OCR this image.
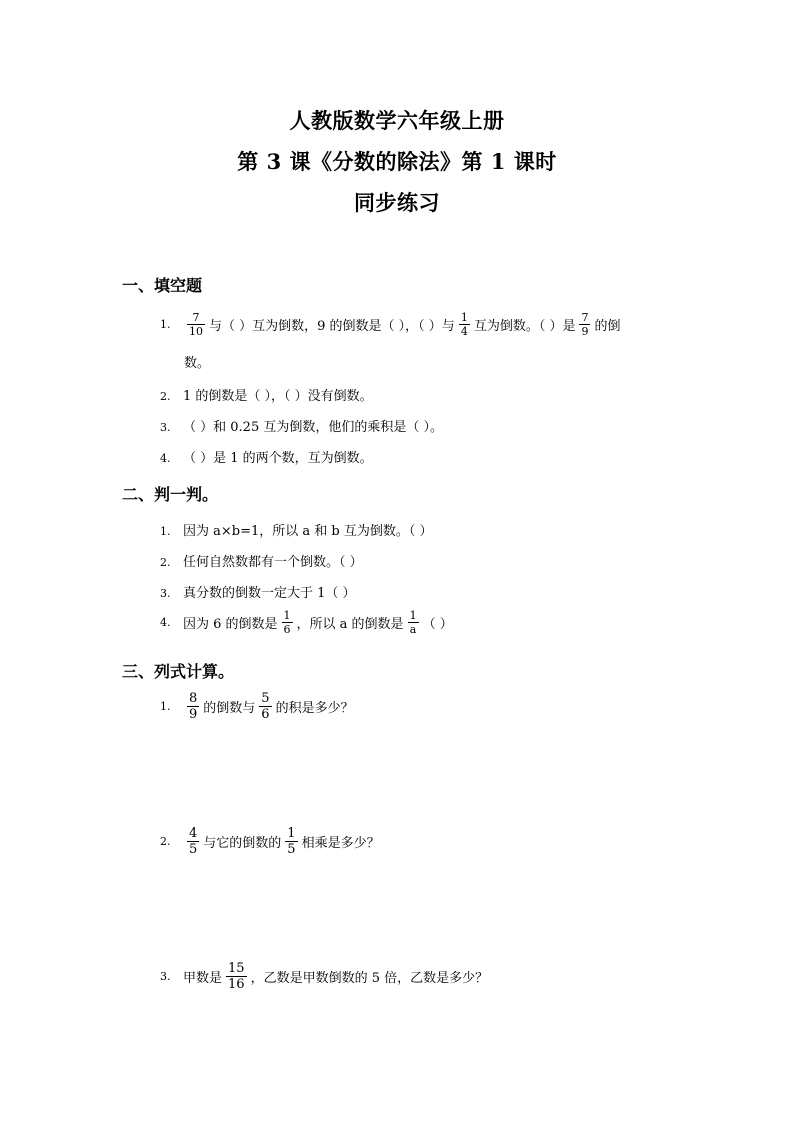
人教版数学六年级上册
第 3 课《分数的除法》第 1 课时
同步练习
一、填空题
1. $\frac{7}{10}$ 与（ ）互为倒数，9 的倒数是（ ），（ ）与 $\frac{1}{4}$ 互为倒数。（ ）是 $\frac{7}{9}$ 的倒
数。
2. 1 的倒数是（ ），（ ）没有倒数。
3. （ ）和 0.25 互为倒数，他们的乘积是（ ）。
4. （ ）是 1 的两个数，互为倒数。
二、判一判。
1. 因为 a×b=1，所以 a 和 b 互为倒数。（ ）
2. 任何自然数都有一个倒数。（ ）
3. 真分数的倒数一定大于 1（ ）
4. 因为 6 的倒数是 $\frac{1}{6}$ ，所以 a 的倒数是 $\frac{1}{a}$ （ ）
三、列式计算。
1. $\frac{8}{9}$ 的倒数与 $\frac{5}{6}$ 的积是多少？
2. $\frac{4}{5}$ 与它的倒数的 $\frac{1}{5}$ 相乘是多少？
3. 甲数是 $\frac{15}{16}$ ，乙数是甲数倒数的 5 倍，乙数是多少？
